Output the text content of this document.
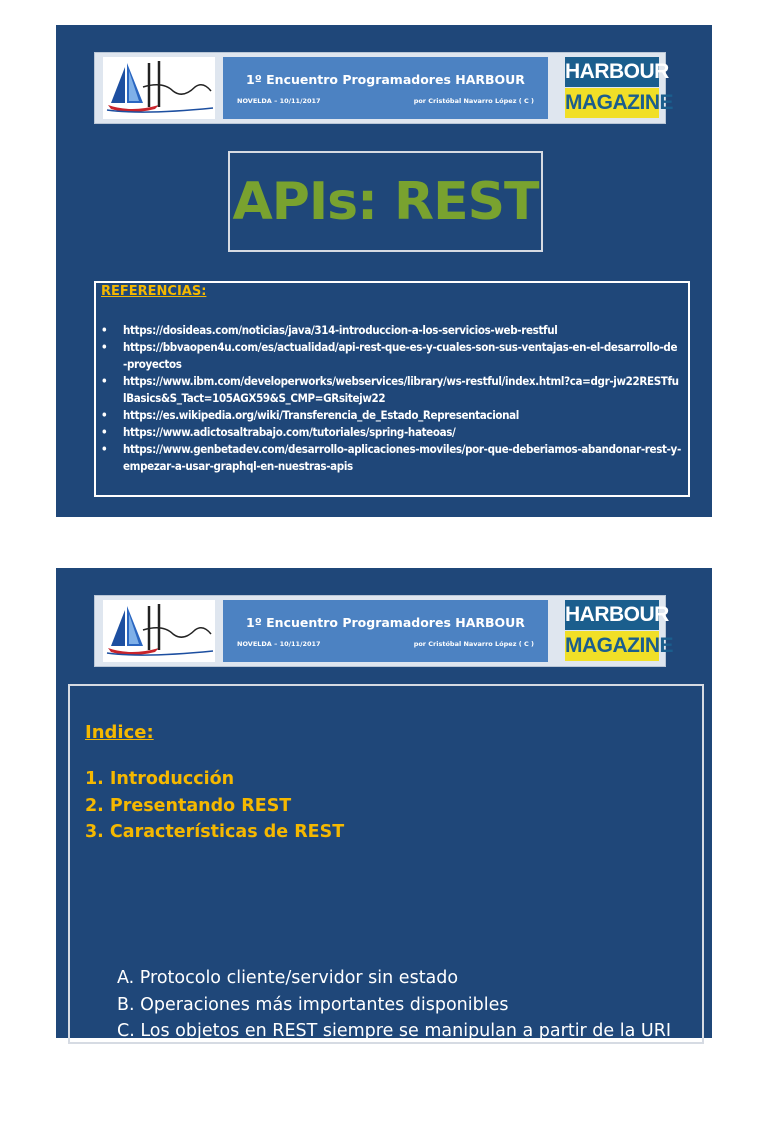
1º Encuentro Programadores HARBOUR
NOVELDA – 10/11/2017	por Cristóbal Navarro López ( C )
HARBOUR
MAGAZINE
APIs: REST
REFERENCIAS:
• https://dosideas.com/noticias/java/314-introduccion-a-los-servicios-web-restful
• https://bbvaopen4u.com/es/actualidad/api-rest-que-es-y-cuales-son-sus-ventajas-en-el-desarrollo-de-proyectos
• https://www.ibm.com/developerworks/webservices/library/ws-restful/index.html?ca=dgr-jw22RESTfulBasics&S_Tact=105AGX59&S_CMP=GRsitejw22
• https://es.wikipedia.org/wiki/Transferencia_de_Estado_Representacional
• https://www.adictosaltrabajo.com/tutoriales/spring-hateoas/
• https://www.genbetadev.com/desarrollo-aplicaciones-moviles/por-que-deberiamos-abandonar-rest-y-empezar-a-usar-graphql-en-nuestras-apis
1º Encuentro Programadores HARBOUR
NOVELDA – 10/11/2017	por Cristóbal Navarro López ( C )
HARBOUR
MAGAZINE
Indice:
1. Introducción
2. Presentando REST
3. Características de REST
A. Protocolo cliente/servidor sin estado
B. Operaciones más importantes disponibles
C. Los objetos en REST siempre se manipulan a partir de la URI
D. Interfaz uniforme
E. Sistema de capas
F. Uso de hypermedios
